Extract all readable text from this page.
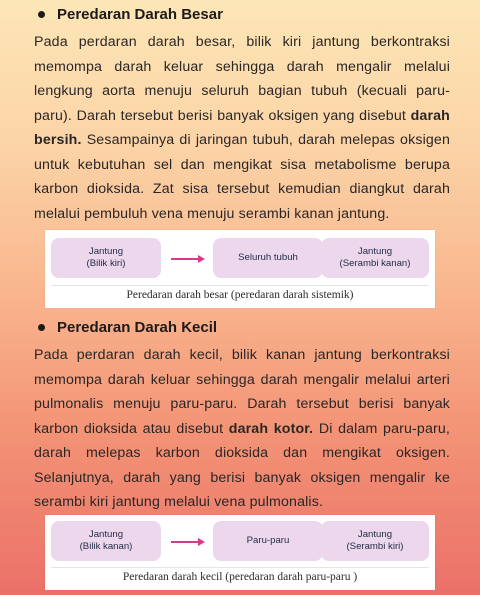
Peredaran Darah Besar
Pada perdaran darah besar, bilik kiri jantung berkontraksi memompa darah keluar sehingga darah mengalir melalui lengkung aorta menuju seluruh bagian tubuh (kecuali paru-paru). Darah tersebut berisi banyak oksigen yang disebut darah bersih. Sesampainya di jaringan tubuh, darah melepas oksigen untuk kebutuhan sel dan mengikat sisa metabolisme berupa karbon dioksida. Zat sisa tersebut kemudian diangkut darah melalui pembuluh vena menuju serambi kanan jantung.
Jantung
(Bilik kiri)
Seluruh tubuh
Jantung
(Serambi kanan)
Peredaran darah besar (peredaran darah sistemik)
Peredaran Darah Kecil
Pada perdaran darah kecil, bilik kanan jantung berkontraksi memompa darah keluar sehingga darah mengalir melalui arteri pulmonalis menuju paru-paru. Darah tersebut berisi banyak karbon dioksida atau disebut darah kotor. Di dalam paru-paru, darah melepas karbon dioksida dan mengikat oksigen. Selanjutnya, darah yang berisi banyak oksigen mengalir ke serambi kiri jantung melalui vena pulmonalis.
Jantung
(Bilik kanan)
Paru-paru
Jantung
(Serambi kiri)
Peredaran darah kecil (peredaran darah paru-paru )
